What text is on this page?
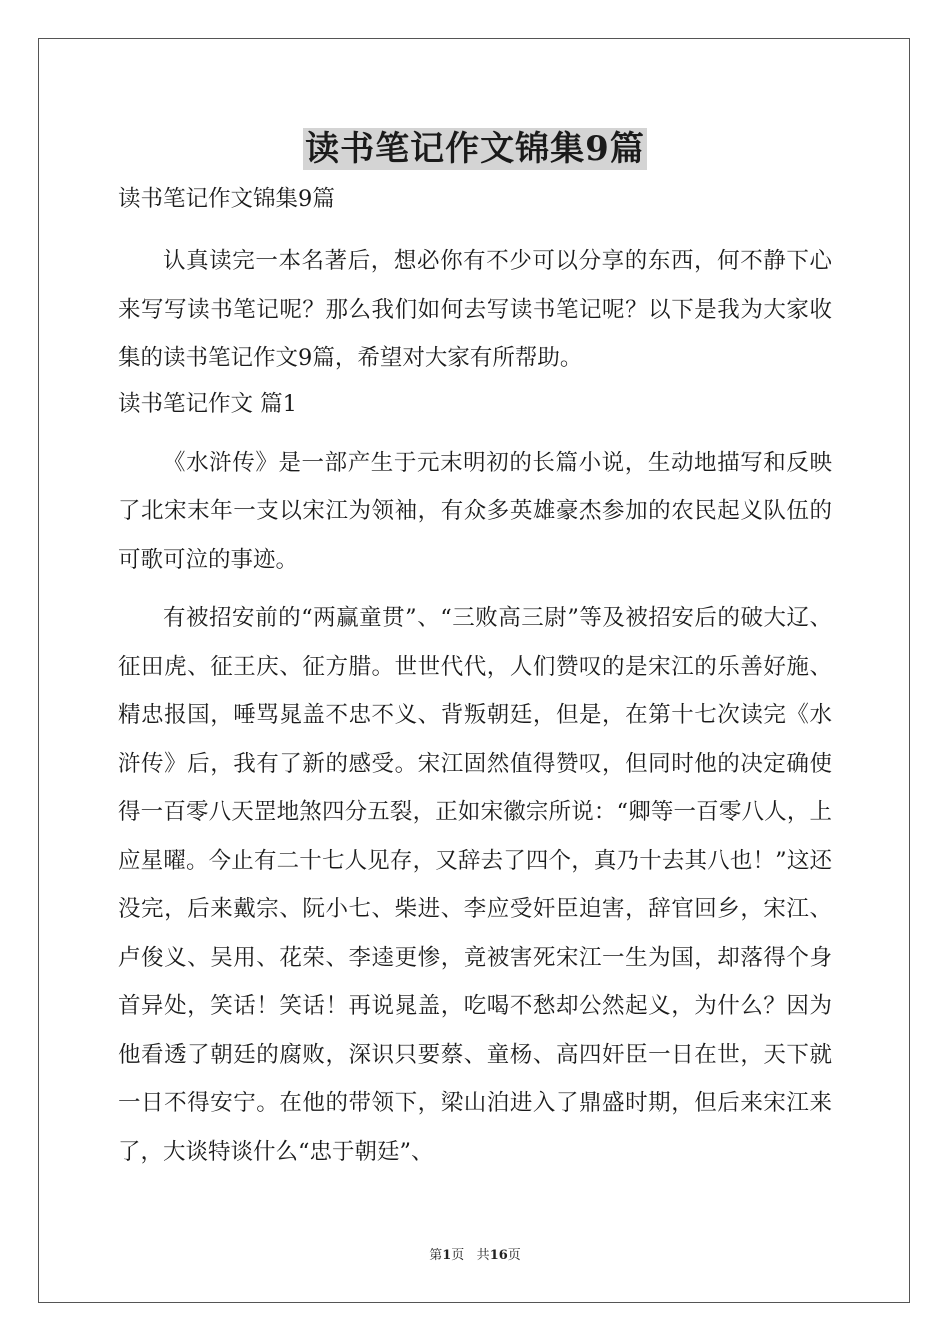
读书笔记作文锦集9篇

读书笔记作文锦集9篇

认真读完一本名著后，想必你有不少可以分享的东西，何不静下心来写写读书笔记呢？那么我们如何去写读书笔记呢？以下是我为大家收集的读书笔记作文9篇，希望对大家有所帮助。

读书笔记作文 篇1

《水浒传》是一部产生于元末明初的长篇小说，生动地描写和反映了北宋末年一支以宋江为领袖，有众多英雄豪杰参加的农民起义队伍的可歌可泣的事迹。

有被招安前的“两赢童贯”、“三败高三尉”等及被招安后的破大辽、征田虎、征王庆、征方腊。世世代代，人们赞叹的是宋江的乐善好施、精忠报国，唾骂晁盖不忠不义、背叛朝廷，但是，在第十七次读完《水浒传》后，我有了新的感受。宋江固然值得赞叹，但同时他的决定确使得一百零八天罡地煞四分五裂，正如宋徽宗所说：“卿等一百零八人，上应星曜。今止有二十七人见存，又辞去了四个，真乃十去其八也！”这还没完，后来戴宗、阮小七、柴进、李应受奸臣迫害，辞官回乡，宋江、卢俊义、吴用、花荣、李逵更惨，竟被害死宋江一生为国，却落得个身首异处，笑话！笑话！再说晁盖，吃喝不愁却公然起义，为什么？因为他看透了朝廷的腐败，深识只要蔡、童杨、高四奸臣一日在世，天下就一日不得安宁。在他的带领下，梁山泊进入了鼎盛时期，但后来宋江来了，大谈特谈什么“忠于朝廷”、

第1页 共16页
